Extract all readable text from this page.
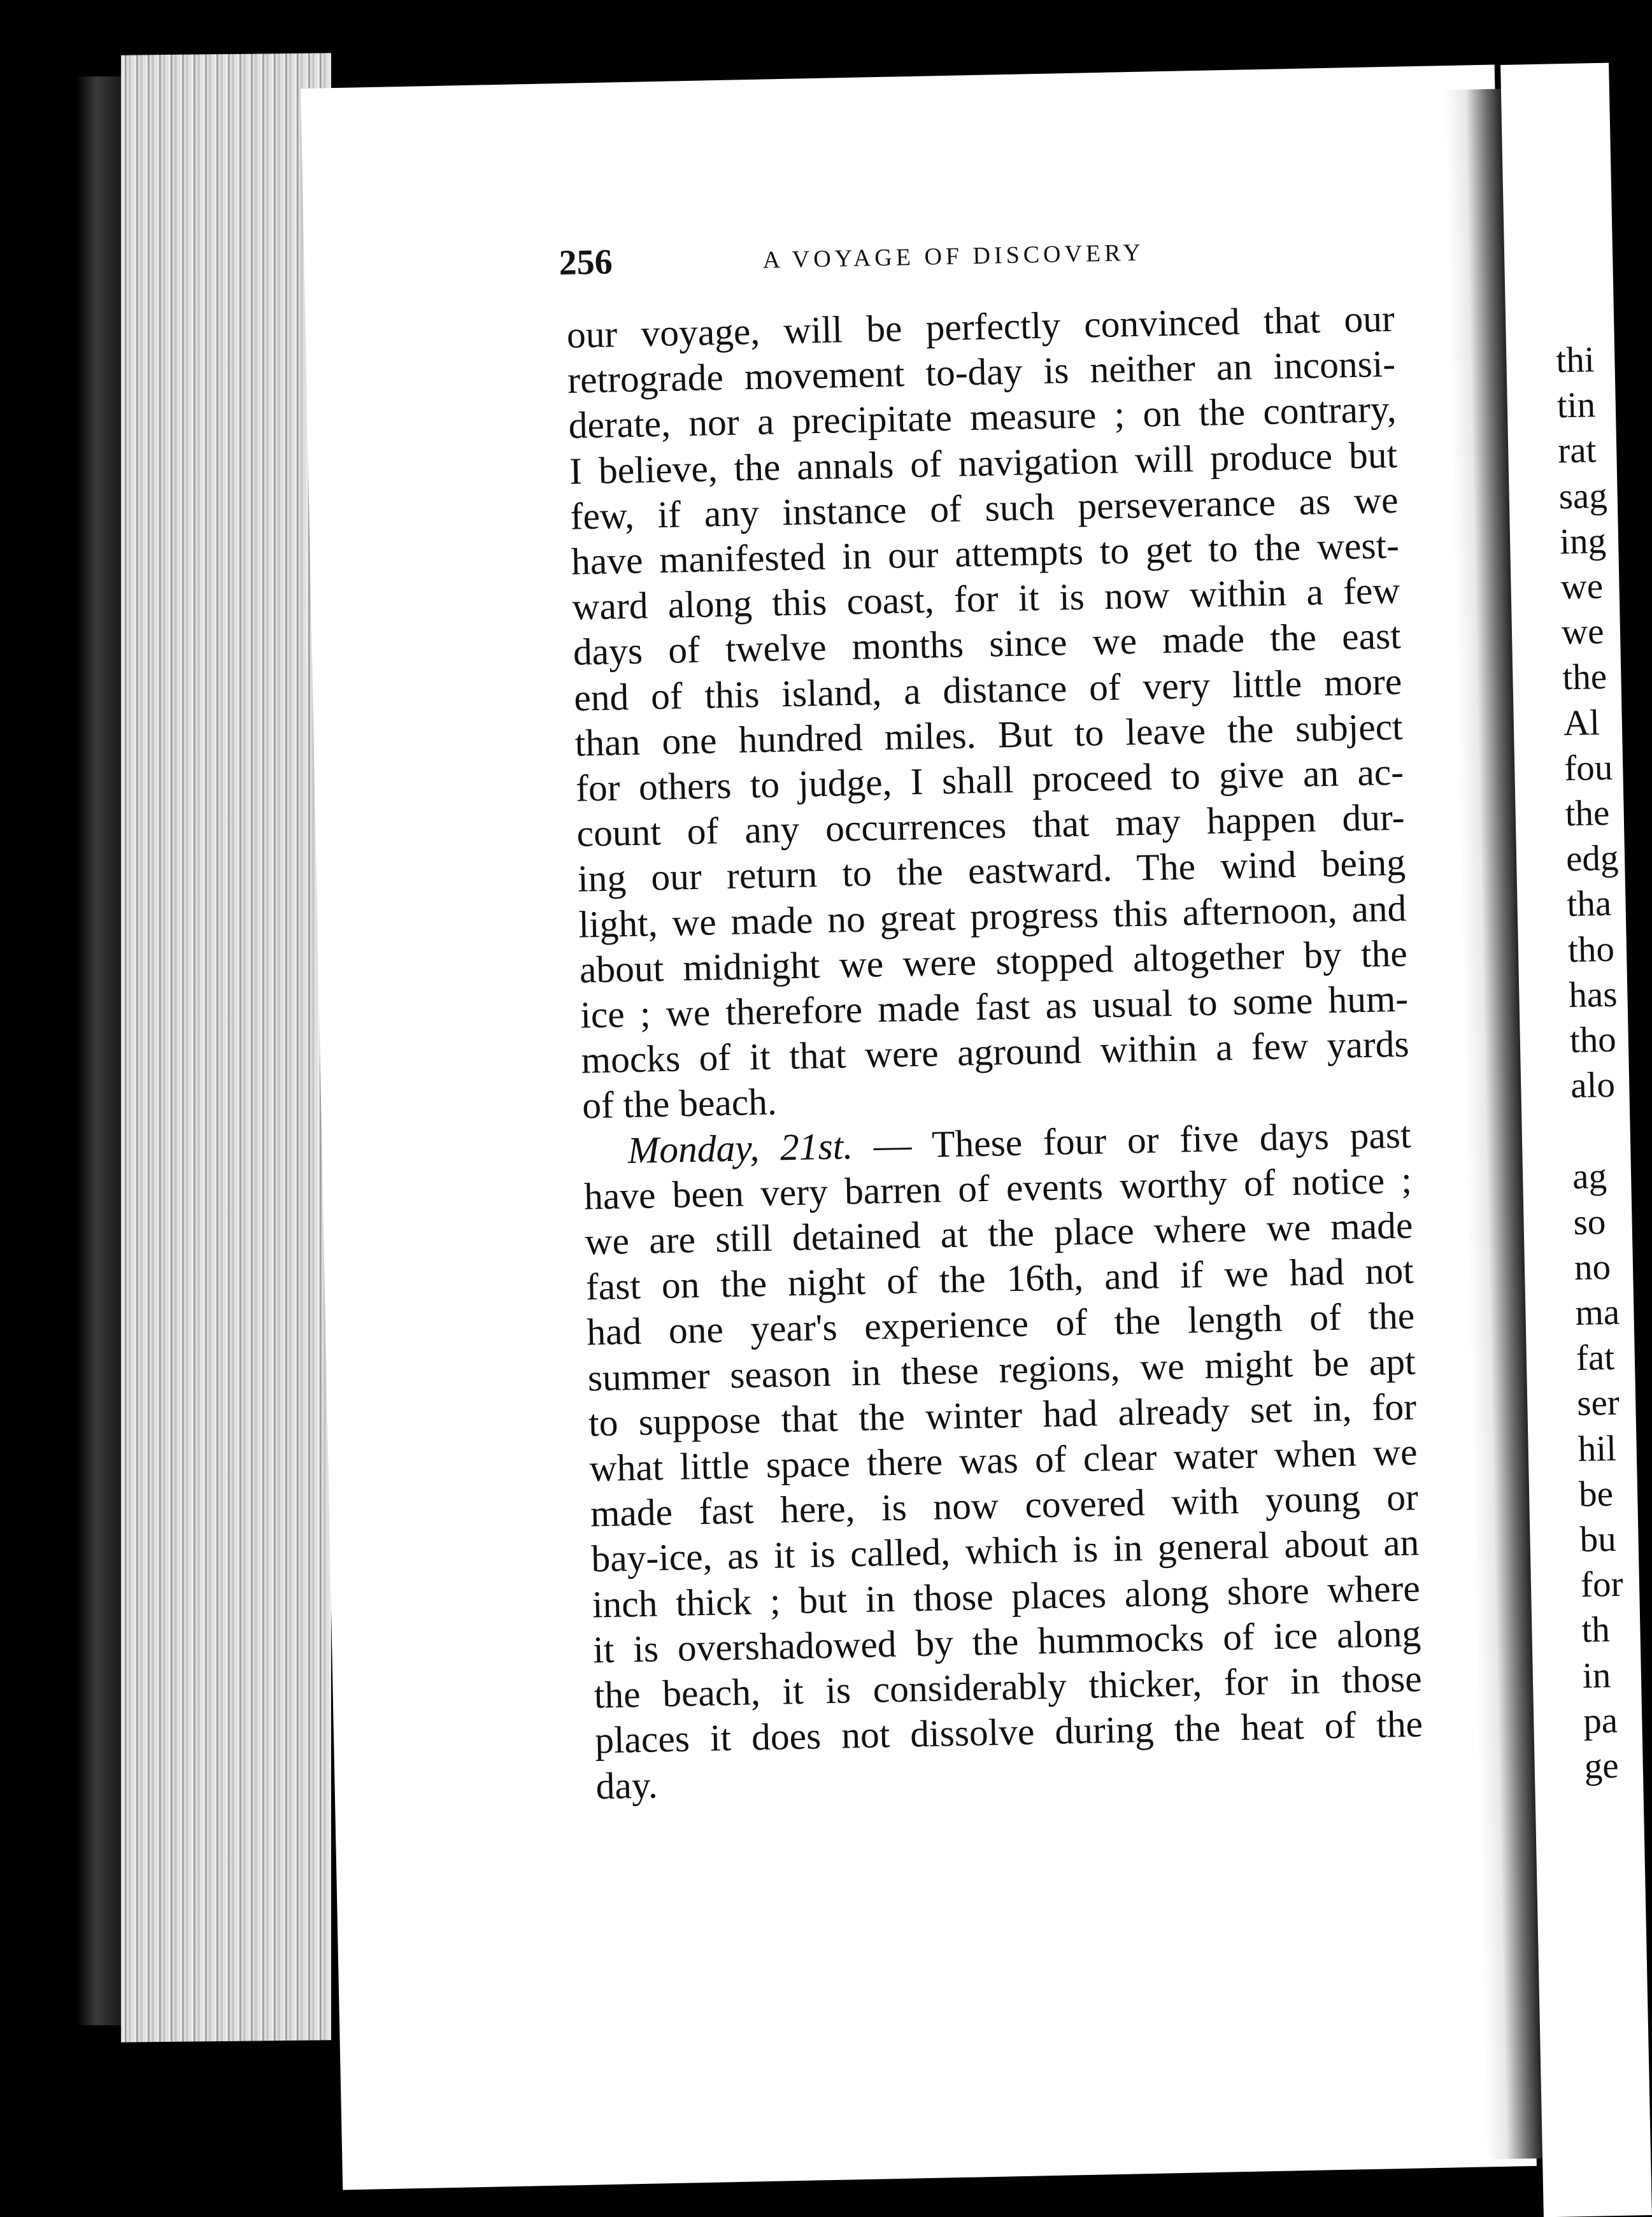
256	A VOYAGE OF DISCOVERY
our voyage, will be perfectly convinced that our
retrograde movement to-day is neither an inconsi-
derate, nor a precipitate measure ; on the contrary,
I believe, the annals of navigation will produce but
few, if any instance of such perseverance as we
have manifested in our attempts to get to the west-
ward along this coast, for it is now within a few
days of twelve months since we made the east
end of this island, a distance of very little more
than one hundred miles. But to leave the subject
for others to judge, I shall proceed to give an ac-
count of any occurrences that may happen dur-
ing our return to the eastward. The wind being
light, we made no great progress this afternoon, and
about midnight we were stopped altogether by the
ice ; we therefore made fast as usual to some hum-
mocks of it that were aground within a few yards
of the beach.
Monday, 21st. — These four or five days past
have been very barren of events worthy of notice ;
we are still detained at the place where we made
fast on the night of the 16th, and if we had not
had one year's experience of the length of the
summer season in these regions, we might be apt
to suppose that the winter had already set in, for
what little space there was of clear water when we
made fast here, is now covered with young or
bay-ice, as it is called, which is in general about an
inch thick ; but in those places along shore where
it is overshadowed by the hummocks of ice along
the beach, it is considerably thicker, for in those
places it does not dissolve during the heat of the
day.
thi
tin
rat
sag
ing
we
we
the
Al
fou
the
edg
tha
tho
has
tho
alo
ag
so
no
ma
fat
ser
hil
be
bu
for
th
in
pa
ge
